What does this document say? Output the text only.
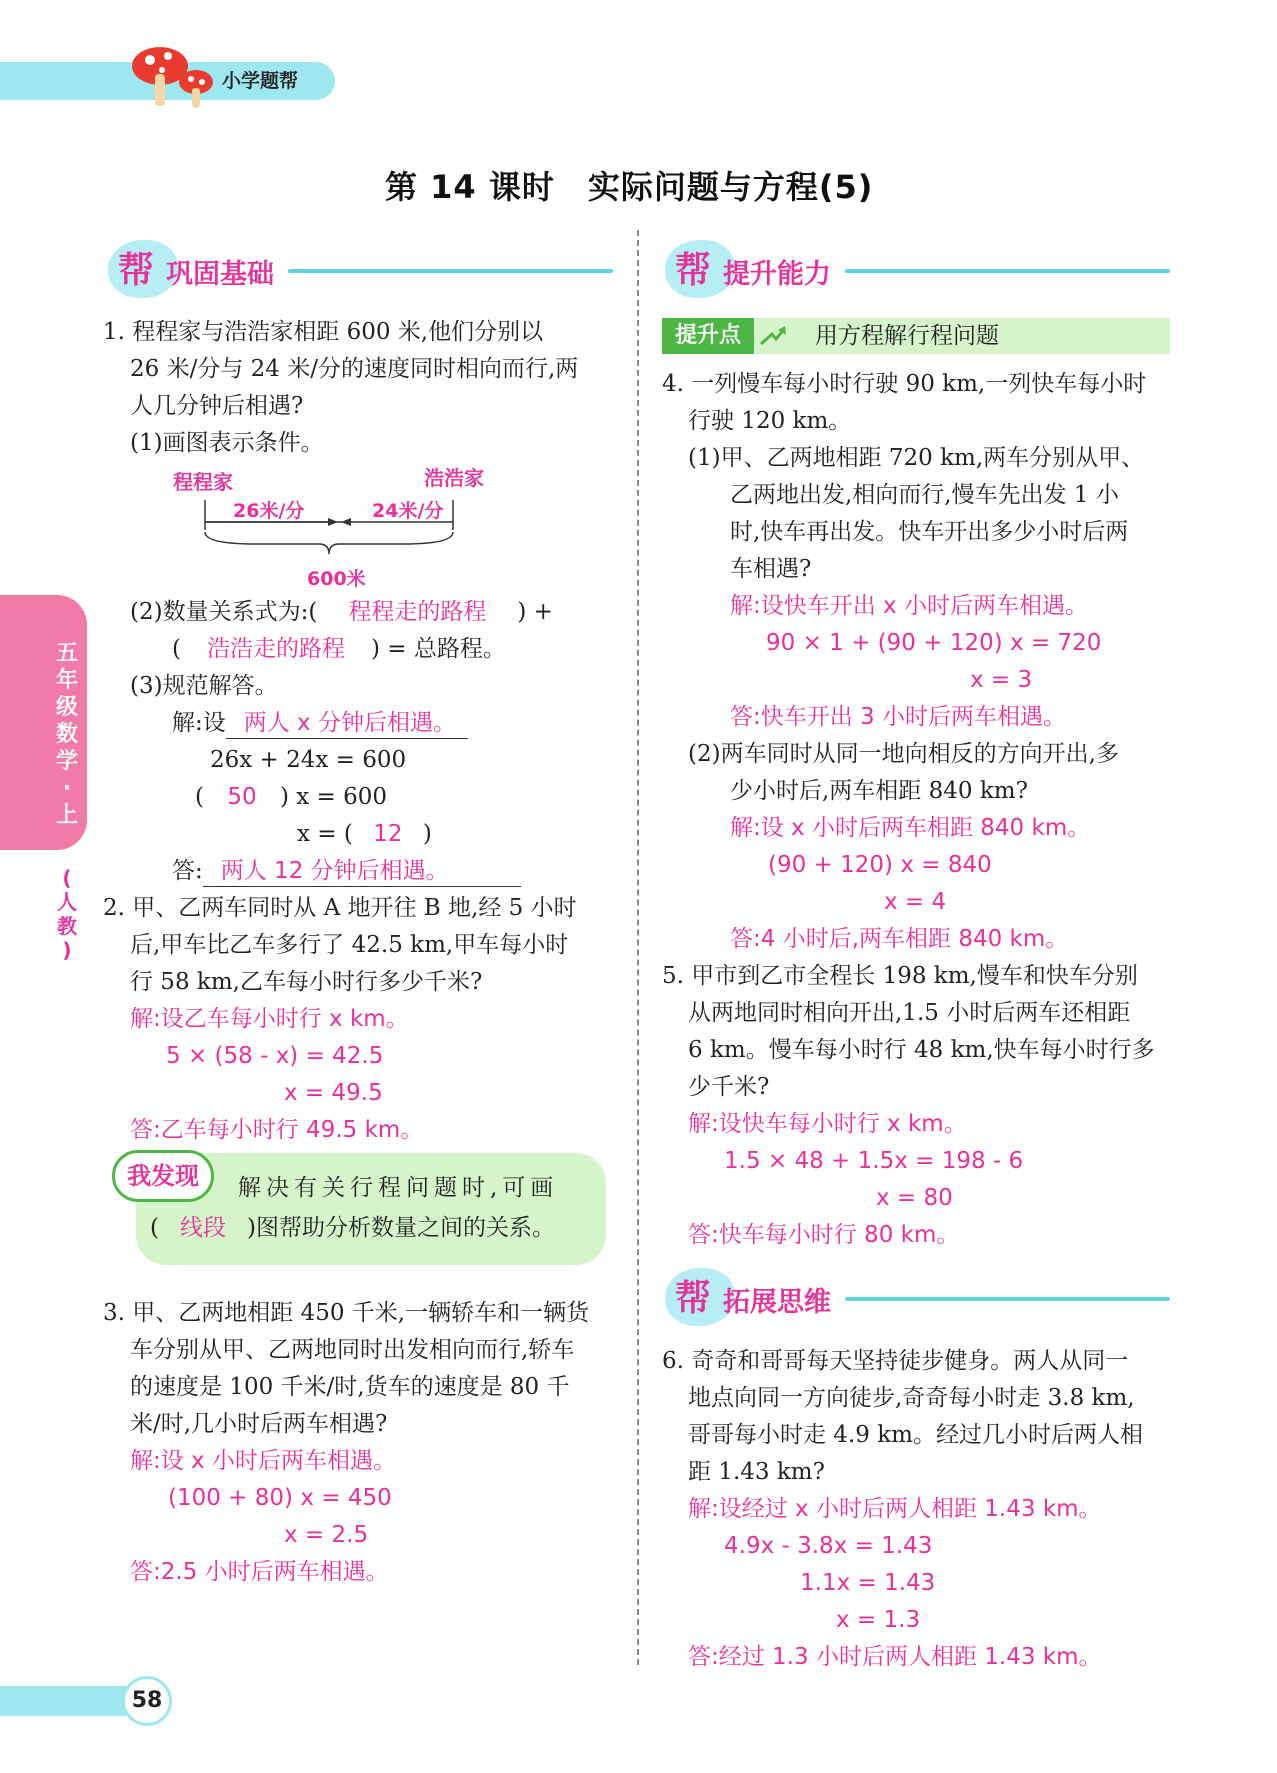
小学题帮
第 14 课时　实际问题与方程(5)
五
年
级
数
学
·
上
(
人
教
)
帮 巩固基础
1. 程程家与浩浩家相距 600 米,他们分别以
26 米/分与 24 米/分的速度同时相向而行,两
人几分钟后相遇?
(1)画图表示条件。
程程家	浩浩家
26米/分	24米/分
600米
(2)数量关系式为:( 程程走的路程 ) +
( 浩浩走的路程 ) = 总路程。
(3)规范解答。
解:设 两人 x 分钟后相遇。
26x + 24x = 600
( 50 ) x = 600
x = ( 12 )
答: 两人 12 分钟后相遇。
2. 甲、乙两车同时从 A 地开往 B 地,经 5 小时
后,甲车比乙车多行了 42.5 km,甲车每小时
行 58 km,乙车每小时行多少千米?
解:设乙车每小时行 x km。
5 × (58 - x) = 42.5
x = 49.5
答:乙车每小时行 49.5 km。
我发现	解决有关行程问题时,可画
( 线段 )图帮助分析数量之间的关系。
3. 甲、乙两地相距 450 千米,一辆轿车和一辆货
车分别从甲、乙两地同时出发相向而行,轿车
的速度是 100 千米/时,货车的速度是 80 千
米/时,几小时后两车相遇?
解:设 x 小时后两车相遇。
(100 + 80) x = 450
x = 2.5
答:2.5 小时后两车相遇。
帮 提升能力
提升点	用方程解行程问题
4. 一列慢车每小时行驶 90 km,一列快车每小时
行驶 120 km。
(1)甲、乙两地相距 720 km,两车分别从甲、
乙两地出发,相向而行,慢车先出发 1 小
时,快车再出发。快车开出多少小时后两
车相遇?
解:设快车开出 x 小时后两车相遇。
90 × 1 + (90 + 120) x = 720
x = 3
答:快车开出 3 小时后两车相遇。
(2)两车同时从同一地向相反的方向开出,多
少小时后,两车相距 840 km?
解:设 x 小时后两车相距 840 km。
(90 + 120) x = 840
x = 4
答:4 小时后,两车相距 840 km。
5. 甲市到乙市全程长 198 km,慢车和快车分别
从两地同时相向开出,1.5 小时后两车还相距
6 km。慢车每小时行 48 km,快车每小时行多
少千米?
解:设快车每小时行 x km。
1.5 × 48 + 1.5x = 198 - 6
x = 80
答:快车每小时行 80 km。
帮 拓展思维
6. 奇奇和哥哥每天坚持徒步健身。两人从同一
地点向同一方向徒步,奇奇每小时走 3.8 km,
哥哥每小时走 4.9 km。经过几小时后两人相
距 1.43 km?
解:设经过 x 小时后两人相距 1.43 km。
4.9x - 3.8x = 1.43
1.1x = 1.43
x = 1.3
答:经过 1.3 小时后两人相距 1.43 km。
58
